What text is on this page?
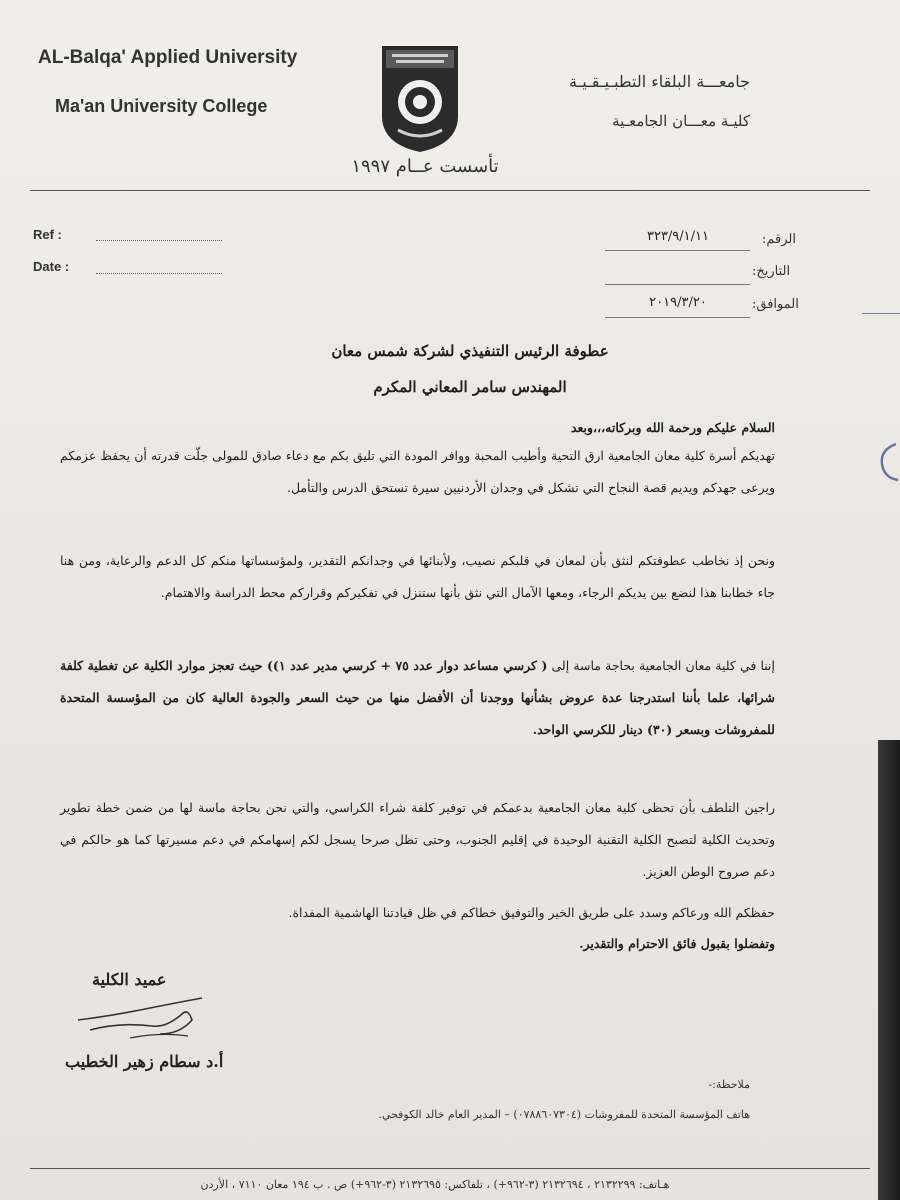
AL-Balqa' Applied University
Ma'an University College
جامعـــة البلقاء التطبـيـقـيـة
كليـة معـــان الجامعـية
تأسست عــام ١٩٩٧
Ref :
Date :
الرقم:
٣٢٣/٩/١/١١
التاريخ:
الموافق:
٢٠١٩/٣/٢٠
عطوفة الرئيس التنفيذي لشركة شمس معان
المهندس سامر المعاني المكرم
السلام عليكم ورحمة الله وبركاته،،،وبعد
تهديكم أسرة كلية معان الجامعية ارق التحية وأطيب المحبة ووافر المودة التي تليق بكم مع دعاء صادق للمولى جلّت قدرته أن يحفظ عزمكم ويرعى جهدكم ويديم قصة النجاح التي تشكل في وجدان الأردنيين سيرة تستحق الدرس والتأمل.
ونحن إذ نخاطب عطوفتكم لنثق بأن لمعان في قلبكم نصيب، ولأبنائها في وجدانكم التقدير، ولمؤسساتها منكم كل الدعم والرعاية، ومن هنا جاء خطابنا هذا لنضع بين يديكم الرجاء، ومعها الآمال التي نثق بأنها ستنزل في تفكيركم وقراركم محط الدراسة والاهتمام.
إننا في كلية معان الجامعية بحاجة ماسة إلى ( كرسي مساعد دوار عدد ٧٥ + كرسي مدير عدد ١)) حيث تعجز موارد الكلية عن تغطية كلفة شرائها، علما بأننا استدرجنا عدة عروض بشأنها ووجدنا أن الأفضل منها من حيث السعر والجودة العالية كان من المؤسسة المتحدة للمفروشات وبسعر (٣٠) دينار للكرسي الواحد.
راجين التلطف بأن تحظى كلية معان الجامعية بدعمكم في توفير كلفة شراء الكراسي، والتي نحن بحاجة ماسة لها من ضمن خطة تطوير وتحديث الكلية لتصبح الكلية التقنية الوحيدة في إقليم الجنوب، وحتى تظل صرحا يسجل لكم إسهامكم في دعم مسيرتها كما هو حالكم في دعم صروح الوطن العزيز.
حفظكم الله ورعاكم وسدد على طريق الخير والتوفيق خطاكم في ظل قيادتنا الهاشمية المفداة.
وتفضلوا بقبول فائق الاحترام والتقدير.
عميد الكلية
أ.د سطام زهير الخطيب
ملاحظة:-
هاتف المؤسسة المتحدة للمفروشات (٠٧٨٨٦٠٧٣٠٤) – المدير العام خالد الكوفحي.
هـاتف: ٢١٣٢٢٩٩ ، ٢١٣٢٦٩٤ (٣-٩٦٢+) ، تلفاكس: ٢١٣٢٦٩٥ (٣-٩٦٢+) ص . ب ١٩٤ معان ٧١١٠ ، الأردن
